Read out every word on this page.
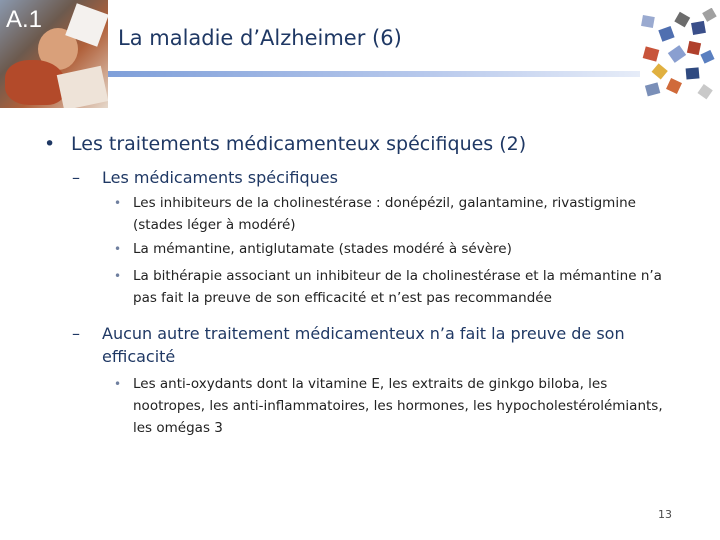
A.1
La maladie d’Alzheimer (6)
• Les traitements médicamenteux spécifiques (2)
– Les médicaments spécifiques
• Les inhibiteurs de la cholinestérase : donépézil, galantamine, rivastigmine (stades léger à modéré)
• La mémantine, antiglutamate (stades modéré à sévère)
• La bithérapie associant un inhibiteur de la cholinestérase et la mémantine n’a pas fait la preuve de son efficacité et n’est pas recommandée
– Aucun autre traitement médicamenteux n’a fait la preuve de son efficacité
• Les anti-oxydants dont la vitamine E, les extraits de ginkgo biloba, les nootropes, les anti-inflammatoires, les hormones, les hypocholestérolémiants, les omégas 3
13
